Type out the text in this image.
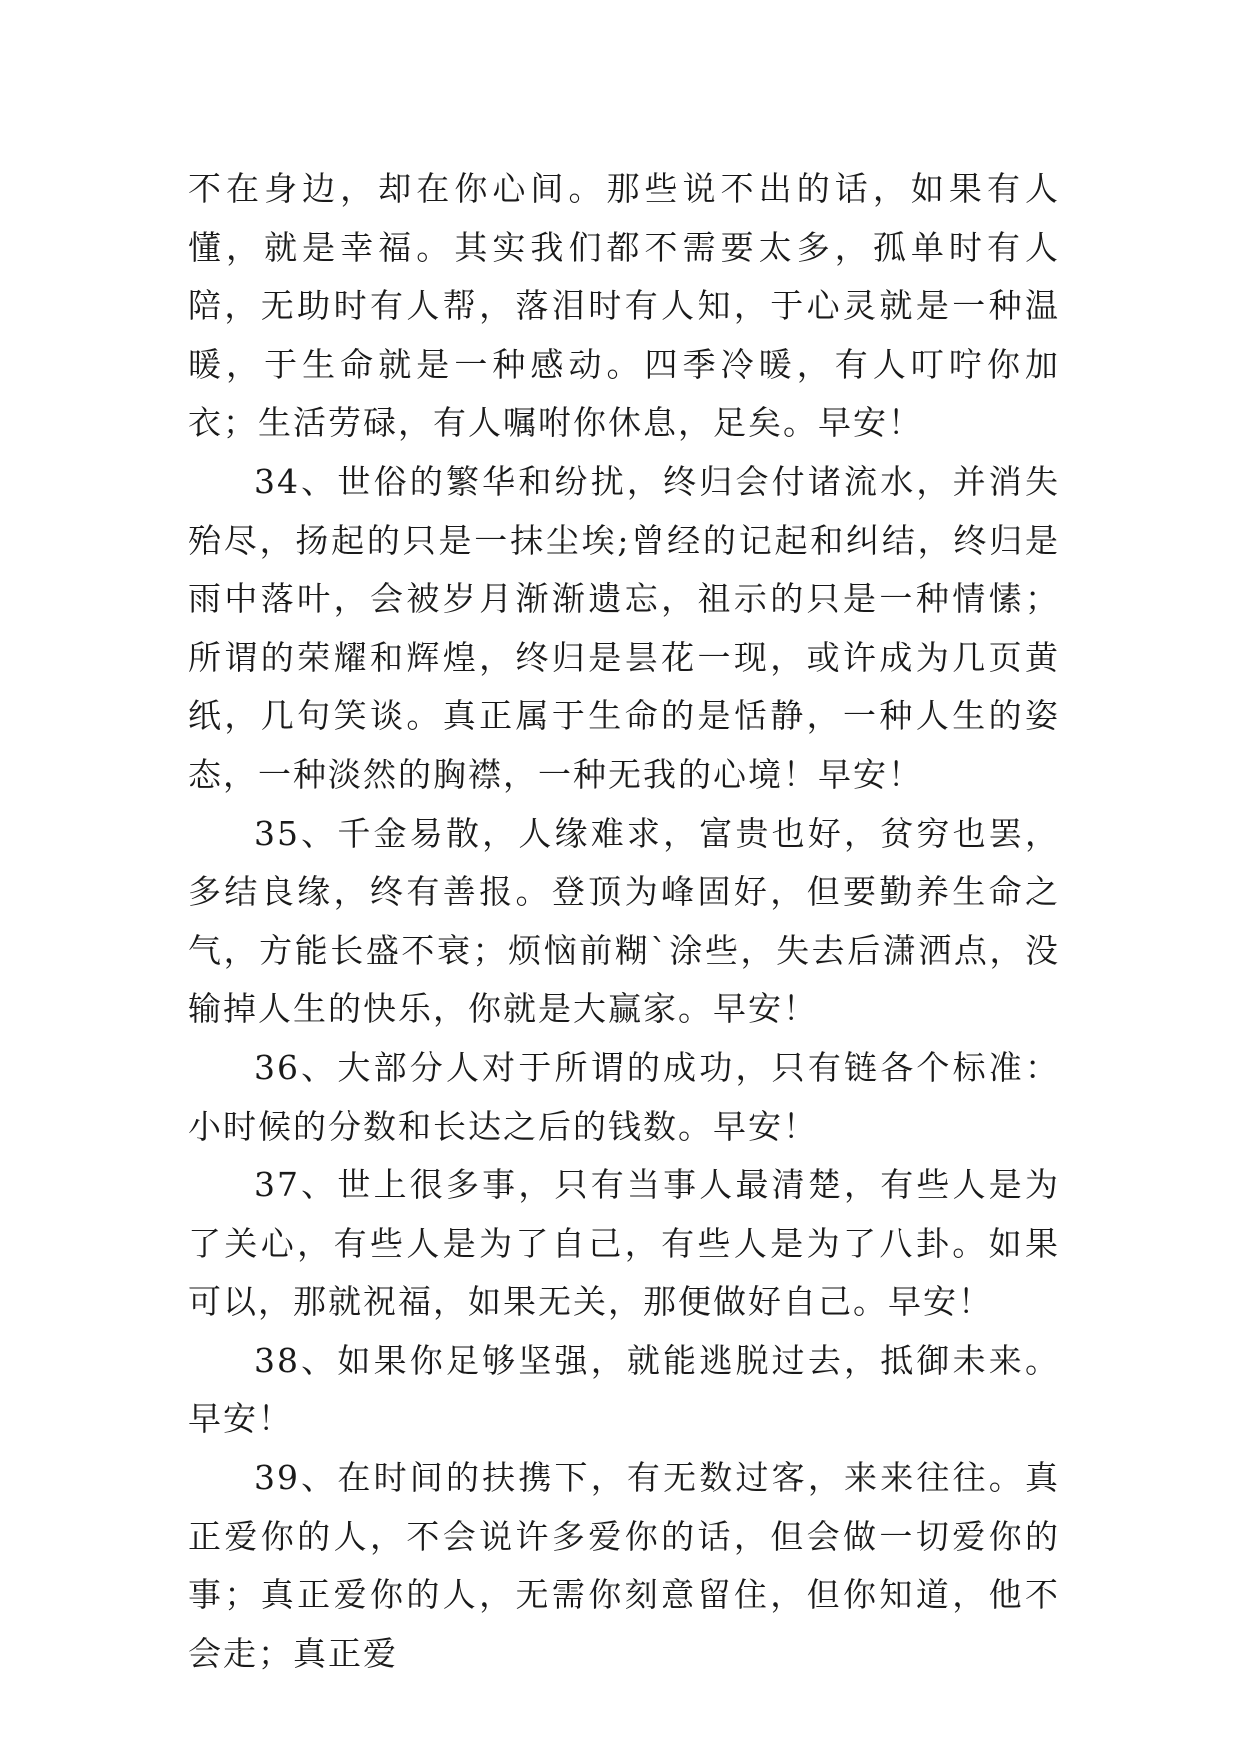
不在身边，却在你心间。那些说不出的话，如果有人懂，就是幸福。其实我们都不需要太多，孤单时有人陪，无助时有人帮，落泪时有人知，于心灵就是一种温暖，于生命就是一种感动。四季冷暖，有人叮咛你加衣；生活劳碌，有人嘱咐你休息，足矣。早安！

34、世俗的繁华和纷扰，终归会付诸流水，并消失殆尽，扬起的只是一抹尘埃;曾经的记起和纠结，终归是雨中落叶，会被岁月渐渐遗忘，祖示的只是一种情愫；所谓的荣耀和辉煌，终归是昙花一现，或许成为几页黄纸，几句笑谈。真正属于生命的是恬静，一种人生的姿态，一种淡然的胸襟，一种无我的心境！早安！

35、千金易散，人缘难求，富贵也好，贫穷也罢，多结良缘，终有善报。登顶为峰固好，但要勤养生命之气，方能长盛不衰；烦恼前糊`涂些，失去后潇洒点，没输掉人生的快乐，你就是大赢家。早安！

36、大部分人对于所谓的成功，只有链各个标准：小时候的分数和长达之后的钱数。早安！

37、世上很多事，只有当事人最清楚，有些人是为了关心，有些人是为了自己，有些人是为了八卦。如果可以，那就祝福，如果无关，那便做好自己。早安！

38、如果你足够坚强，就能逃脱过去，抵御未来。早安！

39、在时间的扶携下，有无数过客，来来往往。真正爱你的人，不会说许多爱你的话，但会做一切爱你的事；真正爱你的人，无需你刻意留住，但你知道，他不会走；真正爱
